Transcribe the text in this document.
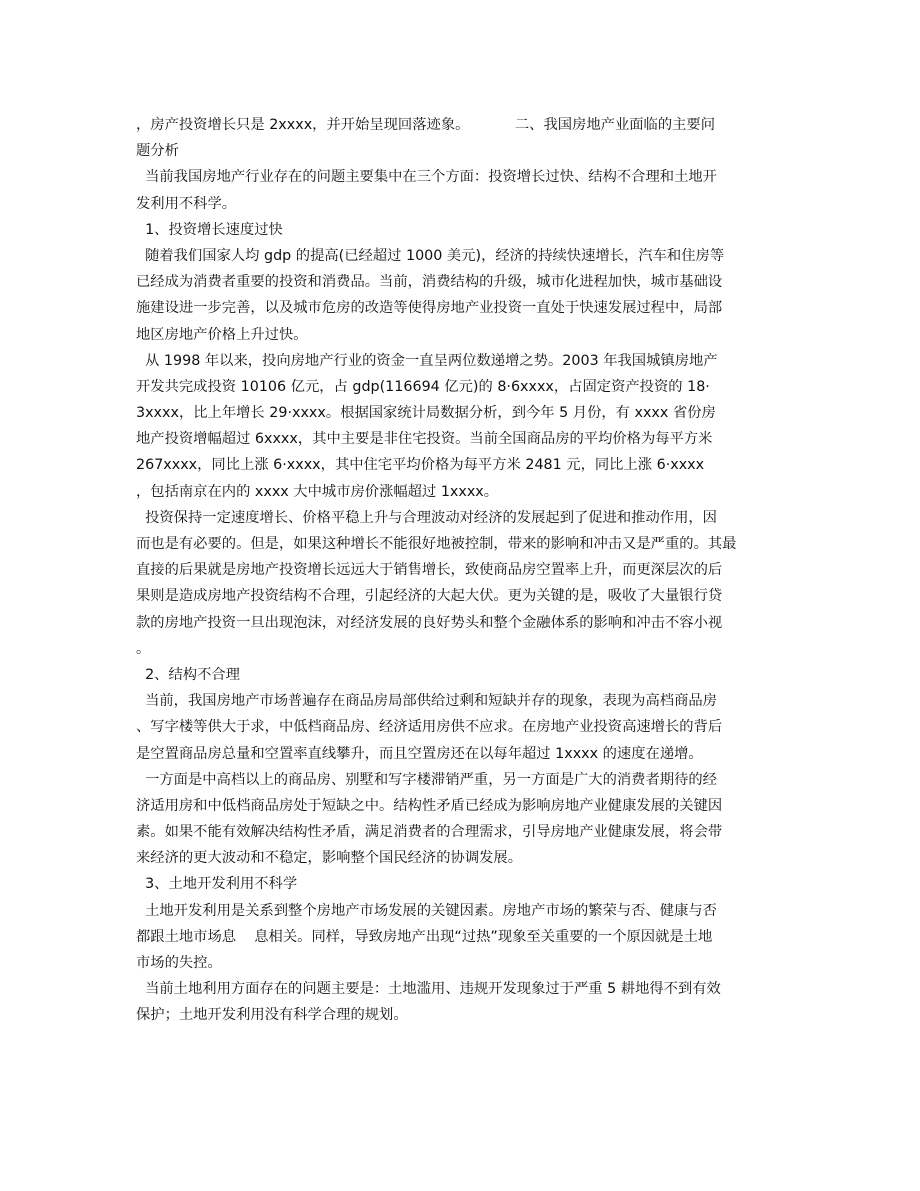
，房产投资增长只是 2xxxx，并开始呈现回落迹象。          二、我国房地产业面临的主要问
题分析
当前我国房地产行业存在的问题主要集中在三个方面：投资增长过快、结构不合理和土地开
发利用不科学。
1、投资增长速度过快
随着我们国家人均 gdp 的提高(已经超过 1000 美元)，经济的持续快速增长，汽车和住房等
已经成为消费者重要的投资和消费品。当前，消费结构的升级，城市化进程加快，城市基础设
施建设进一步完善，以及城市危房的改造等使得房地产业投资一直处于快速发展过程中，局部
地区房地产价格上升过快。
从 1998 年以来，投向房地产行业的资金一直呈两位数递增之势。2003 年我国城镇房地产
开发共完成投资 10106 亿元，占 gdp(116694 亿元)的 8·6xxxx，占固定资产投资的 18·
3xxxx，比上年增长 29·xxxx。根据国家统计局数据分析，到今年 5 月份，有 xxxx 省份房
地产投资增幅超过 6xxxx，其中主要是非住宅投资。当前全国商品房的平均价格为每平方米
267xxxx，同比上涨 6·xxxx，其中住宅平均价格为每平方米 2481 元，同比上涨 6·xxxx
，包括南京在内的 xxxx 大中城市房价涨幅超过 1xxxx。
投资保持一定速度增长、价格平稳上升与合理波动对经济的发展起到了促进和推动作用，因
而也是有必要的。但是，如果这种增长不能很好地被控制，带来的影响和冲击又是严重的。其最
直接的后果就是房地产投资增长远远大于销售增长，致使商品房空置率上升，而更深层次的后
果则是造成房地产投资结构不合理，引起经济的大起大伏。更为关键的是，吸收了大量银行贷
款的房地产投资一旦出现泡沫，对经济发展的良好势头和整个金融体系的影响和冲击不容小视
。
2、结构不合理
当前，我国房地产市场普遍存在商品房局部供给过剩和短缺并存的现象，表现为高档商品房
、写字楼等供大于求，中低档商品房、经济适用房供不应求。在房地产业投资高速增长的背后
是空置商品房总量和空置率直线攀升，而且空置房还在以每年超过 1xxxx 的速度在递增。
一方面是中高档以上的商品房、别墅和写字楼滞销严重，另一方面是广大的消费者期待的经
济适用房和中低档商品房处于短缺之中。结构性矛盾已经成为影响房地产业健康发展的关键因
素。如果不能有效解决结构性矛盾，满足消费者的合理需求，引导房地产业健康发展，将会带
来经济的更大波动和不稳定，影响整个国民经济的协调发展。
3、土地开发利用不科学
土地开发利用是关系到整个房地产市场发展的关键因素。房地产市场的繁荣与否、健康与否
都跟土地市场息    息相关。同样，导致房地产出现“过热”现象至关重要的一个原因就是土地
市场的失控。
当前土地利用方面存在的问题主要是：土地滥用、违规开发现象过于严重 5 耕地得不到有效
保护；土地开发利用没有科学合理的规划。
